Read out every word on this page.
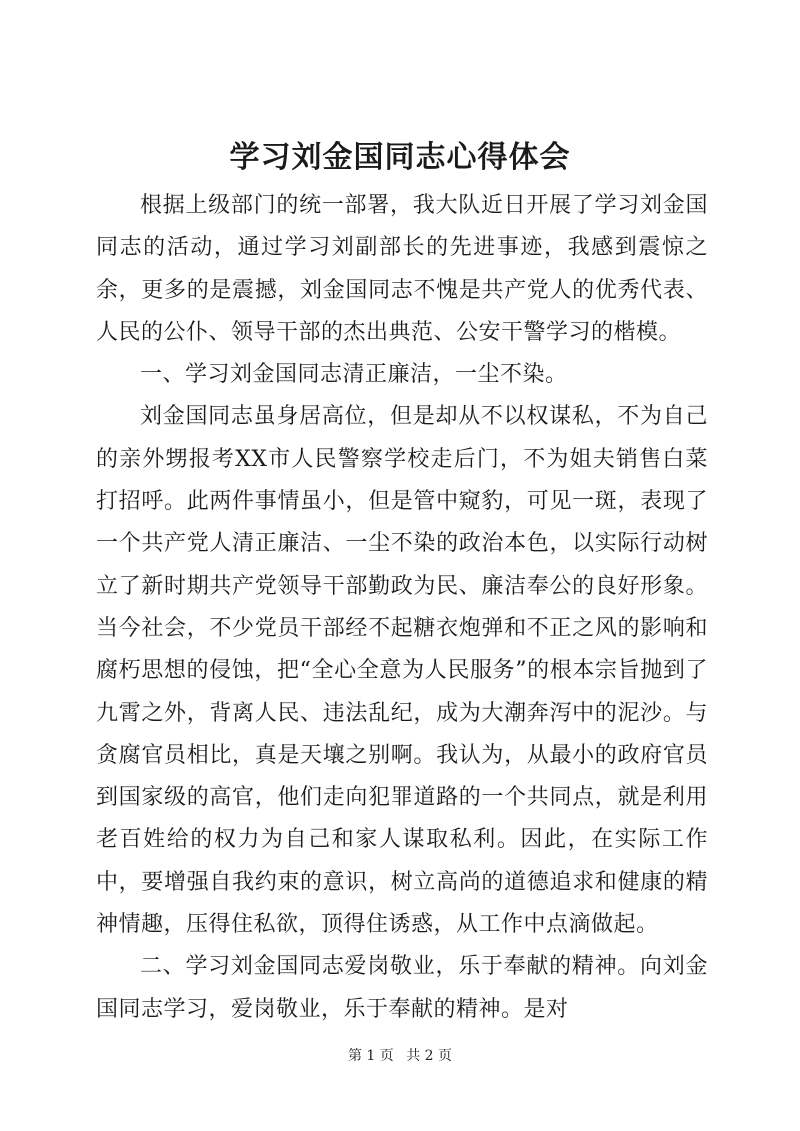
学习刘金国同志心得体会

根据上级部门的统一部署，我大队近日开展了学习刘金国同志的活动，通过学习刘副部长的先进事迹，我感到震惊之余，更多的是震撼，刘金国同志不愧是共产党人的优秀代表、人民的公仆、领导干部的杰出典范、公安干警学习的楷模。

一、学习刘金国同志清正廉洁，一尘不染。

刘金国同志虽身居高位，但是却从不以权谋私，不为自己的亲外甥报考XX市人民警察学校走后门，不为姐夫销售白菜打招呼。此两件事情虽小，但是管中窥豹，可见一斑，表现了一个共产党人清正廉洁、一尘不染的政治本色，以实际行动树立了新时期共产党领导干部勤政为民、廉洁奉公的良好形象。当今社会，不少党员干部经不起糖衣炮弹和不正之风的影响和腐朽思想的侵蚀，把“全心全意为人民服务”的根本宗旨抛到了九霄之外，背离人民、违法乱纪，成为大潮奔泻中的泥沙。与贪腐官员相比，真是天壤之别啊。我认为，从最小的政府官员到国家级的高官，他们走向犯罪道路的一个共同点，就是利用老百姓给的权力为自己和家人谋取私利。因此，在实际工作中，要增强自我约束的意识，树立高尚的道德追求和健康的精神情趣，压得住私欲，顶得住诱惑，从工作中点滴做起。

二、学习刘金国同志爱岗敬业，乐于奉献的精神。向刘金国同志学习，爱岗敬业，乐于奉献的精神。是对

第 1 页 共 2 页
